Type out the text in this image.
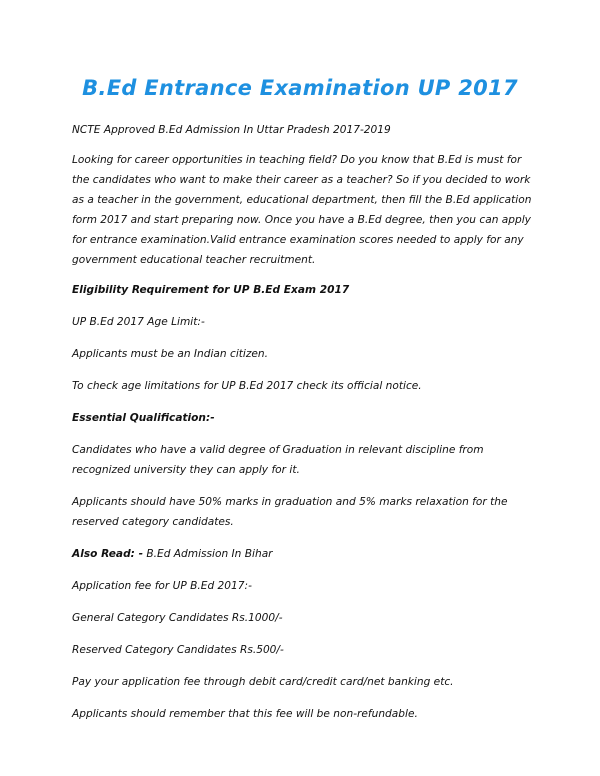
B.Ed Entrance Examination UP 2017

NCTE Approved B.Ed Admission In Uttar Pradesh 2017-2019

Looking for career opportunities in teaching field? Do you know that B.Ed is must for the candidates who want to make their career as a teacher? So if you decided to work as a teacher in the government, educational department, then fill the B.Ed application form 2017 and start preparing now. Once you have a B.Ed degree, then you can apply for entrance examination.Valid entrance examination scores needed to apply for any government educational teacher recruitment.

Eligibility Requirement for UP B.Ed Exam 2017

UP B.Ed 2017 Age Limit:-

Applicants must be an Indian citizen.

To check age limitations for UP B.Ed 2017 check its official notice.

Essential Qualification:-

Candidates who have a valid degree of Graduation in relevant discipline from recognized university they can apply for it.

Applicants should have 50% marks in graduation and 5% marks relaxation for the reserved category candidates.

Also Read: - B.Ed Admission In Bihar

Application fee for UP B.Ed 2017:-

General Category Candidates Rs.1000/-

Reserved Category Candidates Rs.500/-

Pay your application fee through debit card/credit card/net banking etc.

Applicants should remember that this fee will be non-refundable.
